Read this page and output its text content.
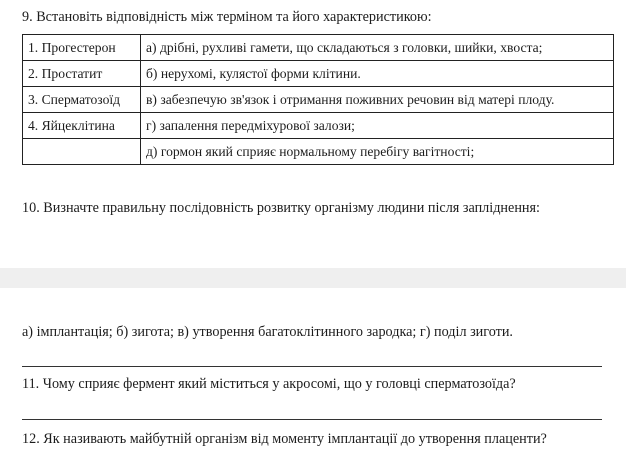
9. Встановіть відповідність між терміном та його характеристикою:
1. Прогестерон	а) дрібні, рухливі гамети, що складаються з головки, шийки, хвоста;
2. Простатит	б) нерухомі, кулястої форми клітини.
3. Сперматозоїд	в) забезпечую зв'язок і отримання поживних речовин від матері плоду.
4. Яйцеклітина	г) запалення передміхурової залози;
	д) гормон який сприяє нормальному перебігу вагітності;
10. Визначте правильну послідовність розвитку організму людини після запліднення:
а) імплантація; б) зигота; в) утворення багатоклітинного зародка; г) поділ зиготи.
11. Чому сприяє фермент який міститься у акросомі, що у головці сперматозоїда?
12. Як називають майбутній організм від моменту імплантації до утворення плаценти?
